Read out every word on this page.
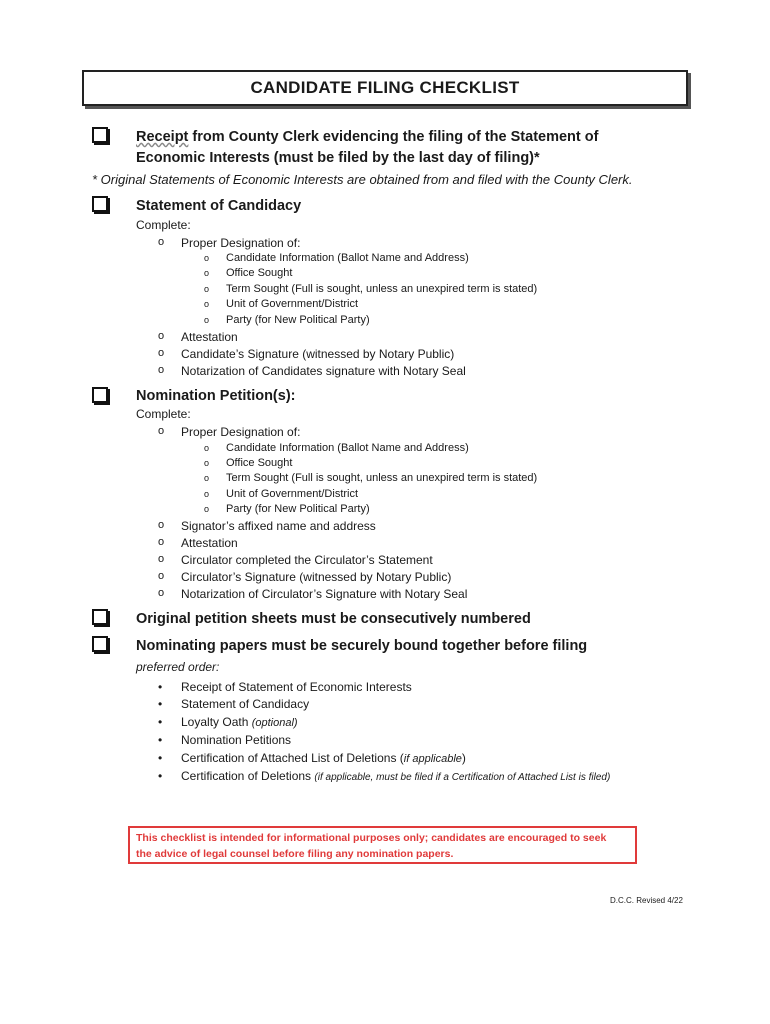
CANDIDATE FILING CHECKLIST
Receipt from County Clerk evidencing the filing of the Statement of
Economic Interests (must be filed by the last day of filing)*
* Original Statements of Economic Interests are obtained from and filed with the County Clerk.
Statement of Candidacy
Complete:
o Proper Designation of:
o Candidate Information (Ballot Name and Address)
o Office Sought
o Term Sought (Full is sought, unless an unexpired term is stated)
o Unit of Government/District
o Party (for New Political Party)
o Attestation
o Candidate’s Signature (witnessed by Notary Public)
o Notarization of Candidates signature with Notary Seal
Nomination Petition(s):
Complete:
o Proper Designation of:
o Candidate Information (Ballot Name and Address)
o Office Sought
o Term Sought (Full is sought, unless an unexpired term is stated)
o Unit of Government/District
o Party (for New Political Party)
o Signator’s affixed name and address
o Attestation
o Circulator completed the Circulator’s Statement
o Circulator’s Signature (witnessed by Notary Public)
o Notarization of Circulator’s Signature with Notary Seal
Original petition sheets must be consecutively numbered
Nominating papers must be securely bound together before filing
preferred order:
• Receipt of Statement of Economic Interests
• Statement of Candidacy
• Loyalty Oath (optional)
• Nomination Petitions
• Certification of Attached List of Deletions (if applicable)
• Certification of Deletions (if applicable, must be filed if a Certification of Attached List is filed)
This checklist is intended for informational purposes only; candidates are encouraged to seek
the advice of legal counsel before filing any nomination papers.
D.C.C. Revised 4/22
